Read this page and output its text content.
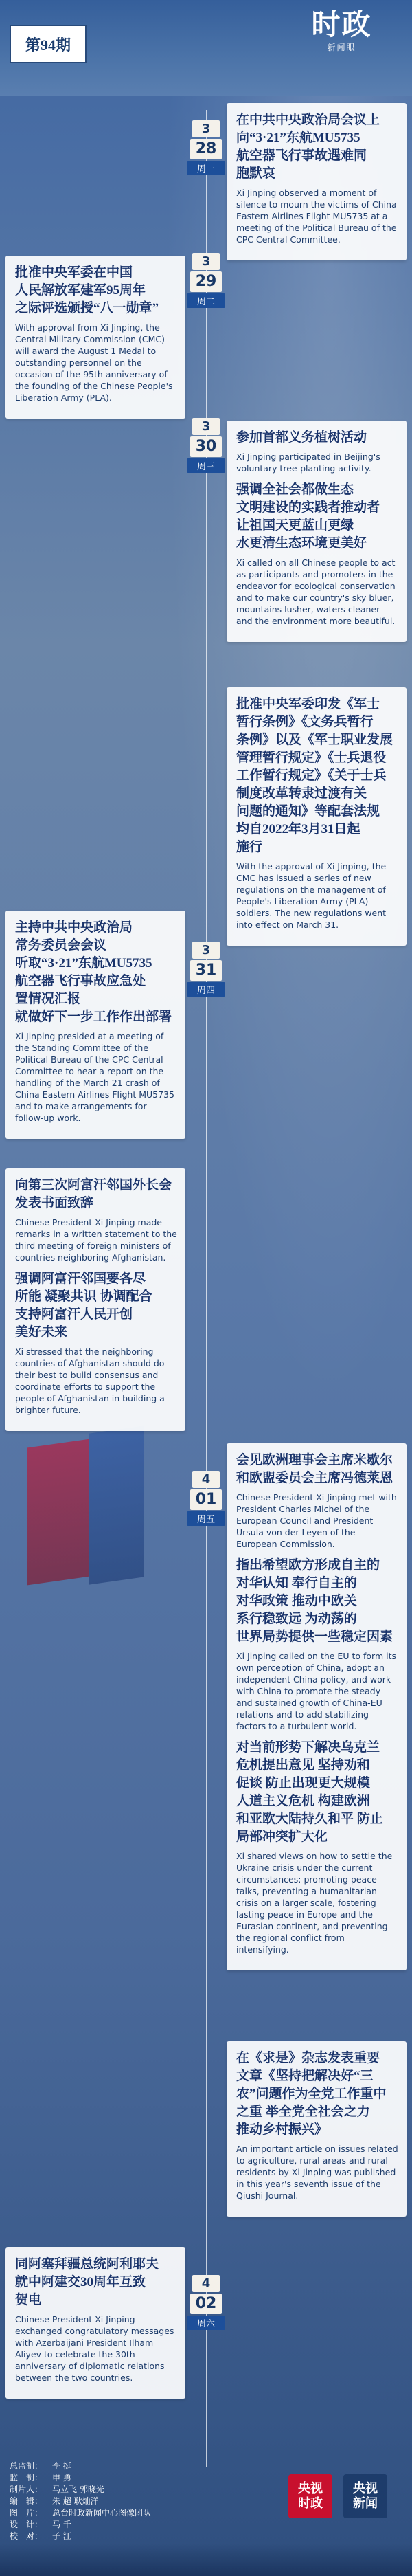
第94期
时政
新闻眼
3
28
周一
在中共中央政治局会议上
向“3·21”东航MU5735
航空器飞行事故遇难同
胞默哀
Xi Jinping observed a moment of silence to mourn the victims of China Eastern Airlines Flight MU5735 at a meeting of the Political Bureau of the CPC Central Committee.
3
29
周二
批准中央军委在中国
人民解放军建军95周年
之际评选颁授“八一勋章”
With approval from Xi Jinping, the Central Military Commission (CMC) will award the August 1 Medal to outstanding personnel on the occasion of the 95th anniversary of the founding of the Chinese People's Liberation Army (PLA).
3
30
周三
参加首都义务植树活动
Xi Jinping participated in Beijing's voluntary tree-planting activity.
强调全社会都做生态
文明建设的实践者推动者
让祖国天更蓝山更绿
水更清生态环境更美好
Xi called on all Chinese people to act as participants and promoters in the endeavor for ecological conservation and to make our country's sky bluer, mountains lusher, waters cleaner and the environment more beautiful.
批准中央军委印发《军士
暂行条例》《文务兵暂行
条例》以及《军士职业发展
管理暂行规定》《士兵退役
工作暂行规定》《关于士兵
制度改革转隶过渡有关
问题的通知》等配套法规
均自2022年3月31日起
施行
With the approval of Xi Jinping, the CMC has issued a series of new regulations on the management of People's Liberation Army (PLA) soldiers. The new regulations went into effect on March 31.
3
31
周四
主持中共中央政治局
常务委员会会议
听取“3·21”东航MU5735
航空器飞行事故应急处
置情况汇报
就做好下一步工作作出部署
Xi Jinping presided at a meeting of the Standing Committee of the Political Bureau of the CPC Central Committee to hear a report on the handling of the March 21 crash of China Eastern Airlines Flight MU5735 and to make arrangements for follow-up work.
向第三次阿富汗邻国外长会
发表书面致辞
Chinese President Xi Jinping made remarks in a written statement to the third meeting of foreign ministers of countries neighboring Afghanistan.
强调阿富汗邻国要各尽
所能 凝聚共识 协调配合
支持阿富汗人民开创
美好未来
Xi stressed that the neighboring countries of Afghanistan should do their best to build consensus and coordinate efforts to support the people of Afghanistan in building a brighter future.
4
01
周五
会见欧洲理事会主席米歇尔
和欧盟委员会主席冯德莱恩
Chinese President Xi Jinping met with President Charles Michel of the European Council and President Ursula von der Leyen of the European Commission.
指出希望欧方形成自主的
对华认知 奉行自主的
对华政策 推动中欧关
系行稳致远 为动荡的
世界局势提供一些稳定因素
Xi Jinping called on the EU to form its own perception of China, adopt an independent China policy, and work with China to promote the steady and sustained growth of China-EU relations and to add stabilizing factors to a turbulent world.
对当前形势下解决乌克兰
危机提出意见 坚持劝和
促谈 防止出现更大规模
人道主义危机 构建欧洲
和亚欧大陆持久和平 防止
局部冲突扩大化
Xi shared views on how to settle the Ukraine crisis under the current circumstances: promoting peace talks, preventing a humanitarian crisis on a larger scale, fostering lasting peace in Europe and the Eurasian continent, and preventing the regional conflict from intensifying.
在《求是》杂志发表重要
文章《坚持把解决好“三
农”问题作为全党工作重中
之重 举全党全社会之力
推动乡村振兴》
An important article on issues related to agriculture, rural areas and rural residents by Xi Jinping was published in this year's seventh issue of the Qiushi Journal.
4
02
周六
同阿塞拜疆总统阿利耶夫
就中阿建交30周年互致
贺电
Chinese President Xi Jinping exchanged congratulatory messages with Azerbaijani President Ilham Aliyev to celebrate the 30th anniversary of diplomatic relations between the two countries.
总监制：	李 挺
监　制：	申 勇
制片人：	马立飞 郭晓光
编　辑：	朱 超 耿灿洋
图　片：	总台时政新闻中心图像团队
设　计：	马 千
校　对：	子 江
央视
时政
央视
新闻
